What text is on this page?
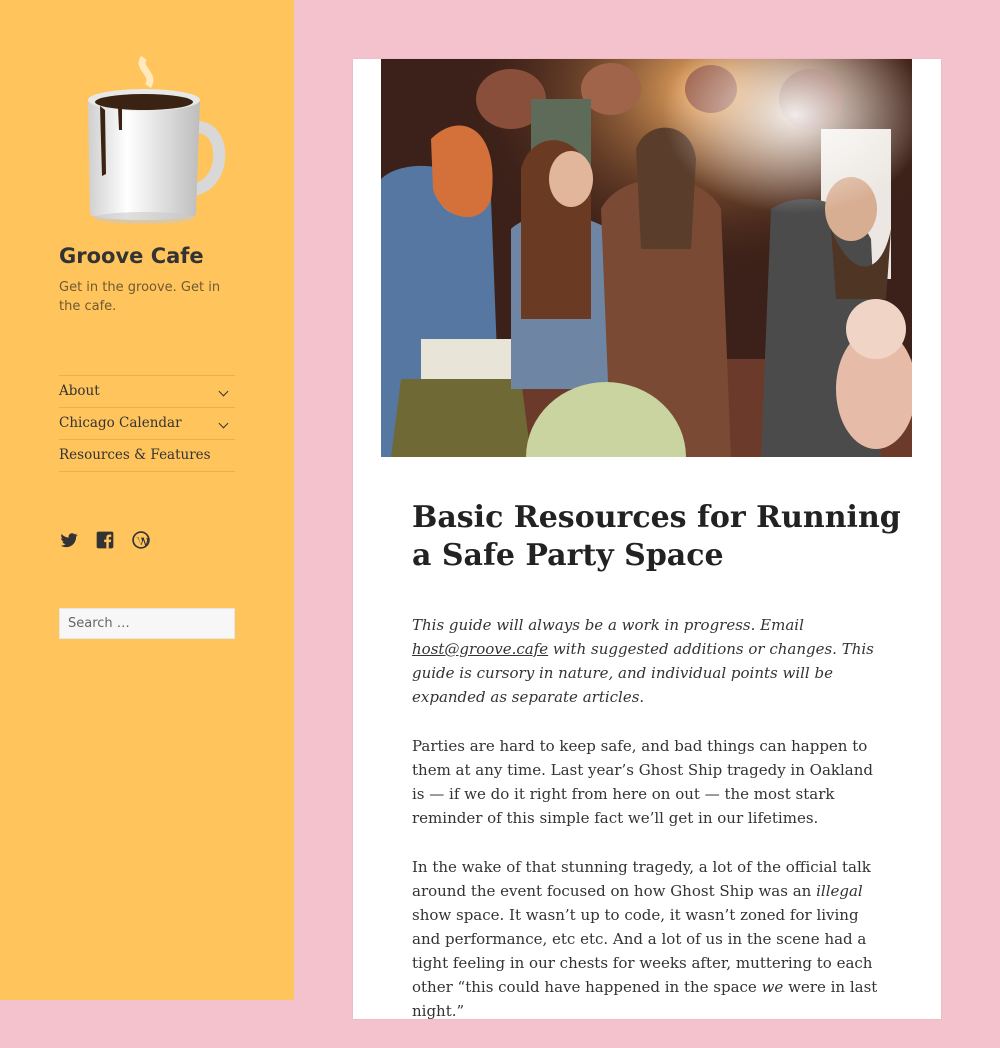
Groove Cafe
Get in the groove. Get in the cafe.
About
Chicago Calendar
Resources & Features
Search …
Basic Resources for Running a Safe Party Space

This guide will always be a work in progress. Email host@groove.cafe with suggested additions or changes. This guide is cursory in nature, and individual points will be expanded as separate articles.

Parties are hard to keep safe, and bad things can happen to them at any time. Last year’s Ghost Ship tragedy in Oakland is — if we do it right from here on out — the most stark reminder of this simple fact we’ll get in our lifetimes.

In the wake of that stunning tragedy, a lot of the official talk around the event focused on how Ghost Ship was an illegal show space. It wasn’t up to code, it wasn’t zoned for living and performance, etc etc. And a lot of us in the scene had a tight feeling in our chests for weeks after, muttering to each other “this could have happened in the space we were in last night.”
